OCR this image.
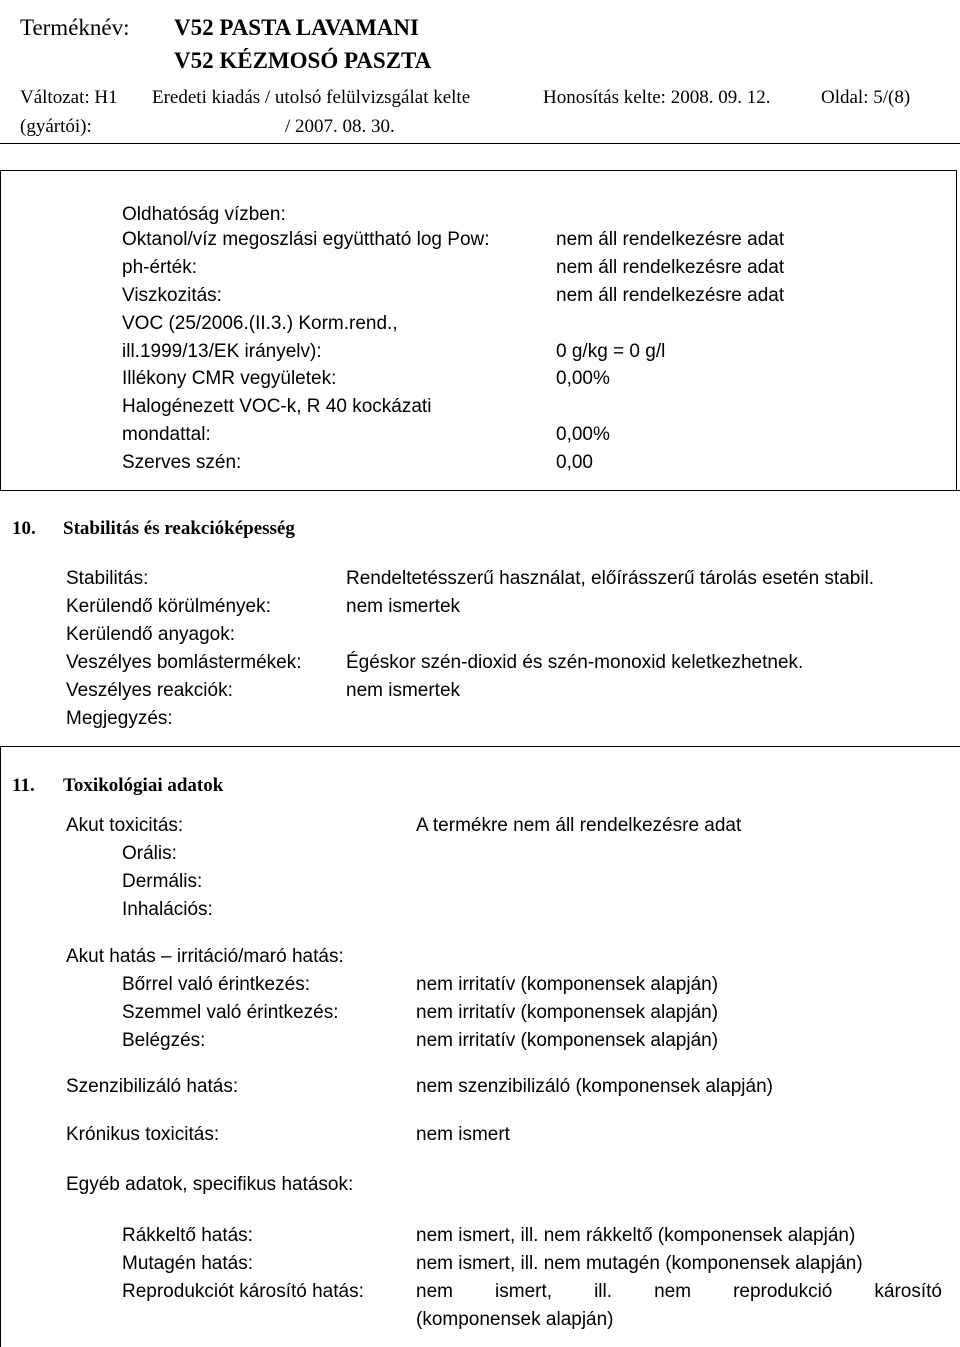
Terméknév: V52 PASTA LAVAMANI
V52 KÉZMOSÓ PASZTA
Változat: H1 Eredeti kiadás / utolsó felülvizsgálat kelte
(gyártói):	/ 2007. 08. 30.
Honosítás kelte: 2008. 09. 12.	Oldal: 5/(8)
Oldhatóság vízben:
Oktanol/víz megoszlási együttható log Pow:	nem áll rendelkezésre adat
ph-érték:	nem áll rendelkezésre adat
Viszkozitás:	nem áll rendelkezésre adat
VOC (25/2006.(II.3.) Korm.rend.,
ill.1999/13/EK irányelv):	0 g/kg = 0 g/l
Illékony CMR vegyületek:	0,00%
Halogénezett VOC-k, R 40 kockázati
mondattal:	0,00%
Szerves szén:	0,00
10. Stabilitás és reakcióképesség
Stabilitás:	Rendeltetésszerű használat, előírásszerű tárolás esetén stabil.
Kerülendő körülmények:	nem ismertek
Kerülendő anyagok:
Veszélyes bomlástermékek: Égéskor szén-dioxid és szén-monoxid keletkezhetnek.
Veszélyes reakciók:	nem ismertek
Megjegyzés:
11. Toxikológiai adatok
Akut toxicitás:	A termékre nem áll rendelkezésre adat
Orális:
Dermális:
Inhalációs:
Akut hatás – irritáció/maró hatás:
Bőrrel való érintkezés:	nem irritatív (komponensek alapján)
Szemmel való érintkezés:	nem irritatív (komponensek alapján)
Belégzés:	nem irritatív (komponensek alapján)
Szenzibilizáló hatás:	nem szenzibilizáló (komponensek alapján)
Krónikus toxicitás:	nem ismert
Egyéb adatok, specifikus hatások:
Rákkeltő hatás:	nem ismert, ill. nem rákkeltő (komponensek alapján)
Mutagén hatás:	nem ismert, ill. nem mutagén (komponensek alapján)
Reprodukciót károsító hatás:	nem ismert, ill. nem reprodukció károsító
(komponensek alapján)
